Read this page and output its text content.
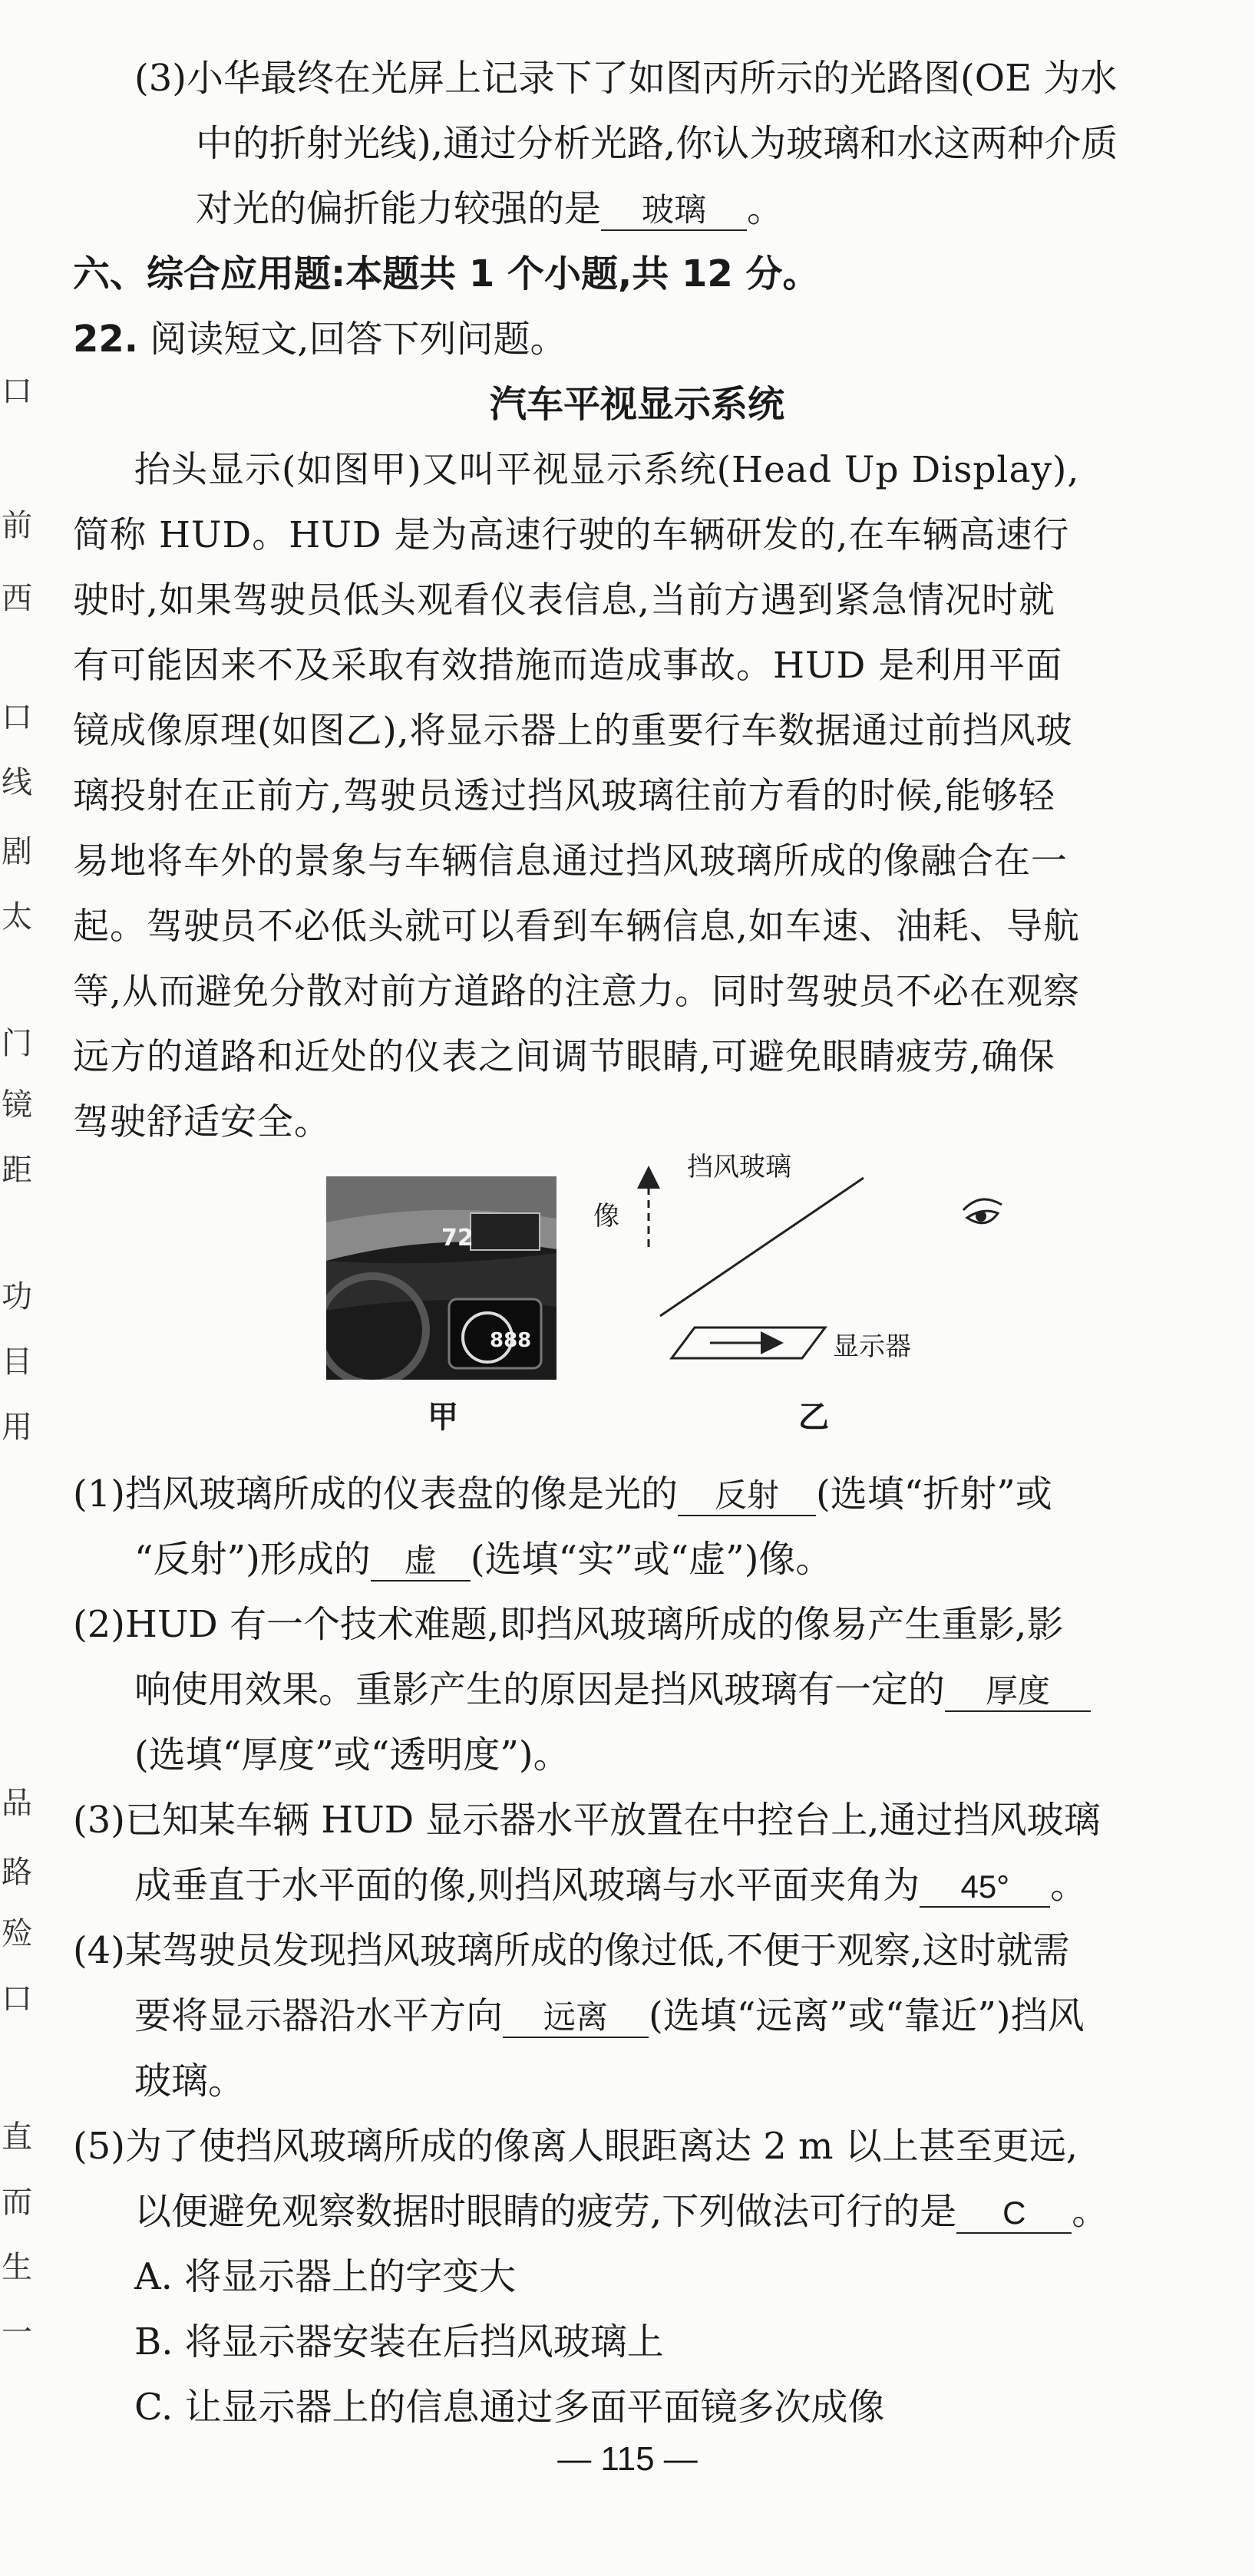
口
前
西
口
线
剧
太
门
镜
距
功
目
用
品
路
殓
口
直
而
生
一
(3)小华最终在光屏上记录下了如图丙所示的光路图(OE 为水
中的折射光线),通过分析光路,你认为玻璃和水这两种介质
对光的偏折能力较强的是 玻璃 。
六、综合应用题:本题共 1 个小题,共 12 分。
22. 阅读短文,回答下列问题。
汽车平视显示系统
抬头显示(如图甲)又叫平视显示系统(Head Up Display),
简称 HUD。HUD 是为高速行驶的车辆研发的,在车辆高速行
驶时,如果驾驶员低头观看仪表信息,当前方遇到紧急情况时就
有可能因来不及采取有效措施而造成事故。HUD 是利用平面
镜成像原理(如图乙),将显示器上的重要行车数据通过前挡风玻
璃投射在正前方,驾驶员透过挡风玻璃往前方看的时候,能够轻
易地将车外的景象与车辆信息通过挡风玻璃所成的像融合在一
起。驾驶员不必低头就可以看到车辆信息,如车速、油耗、导航
等,从而避免分散对前方道路的注意力。同时驾驶员不必在观察
远方的道路和近处的仪表之间调节眼睛,可避免眼睛疲劳,确保
驾驶舒适安全。
72
888
甲
像
挡风玻璃
显示器
乙
(1)挡风玻璃所成的仪表盘的像是光的 反射 (选填“折射”或
“反射”)形成的 虚 (选填“实”或“虚”)像。
(2)HUD 有一个技术难题,即挡风玻璃所成的像易产生重影,影
响使用效果。重影产生的原因是挡风玻璃有一定的 厚度
(选填“厚度”或“透明度”)。
(3)已知某车辆 HUD 显示器水平放置在中控台上,通过挡风玻璃
成垂直于水平面的像,则挡风玻璃与水平面夹角为 45° 。
(4)某驾驶员发现挡风玻璃所成的像过低,不便于观察,这时就需
要将显示器沿水平方向 远离 (选填“远离”或“靠近”)挡风
玻璃。
(5)为了使挡风玻璃所成的像离人眼距离达 2 m 以上甚至更远,
以便避免观察数据时眼睛的疲劳,下列做法可行的是 C 。
A. 将显示器上的字变大
B. 将显示器安装在后挡风玻璃上
C. 让显示器上的信息通过多面平面镜多次成像
— 115 —
